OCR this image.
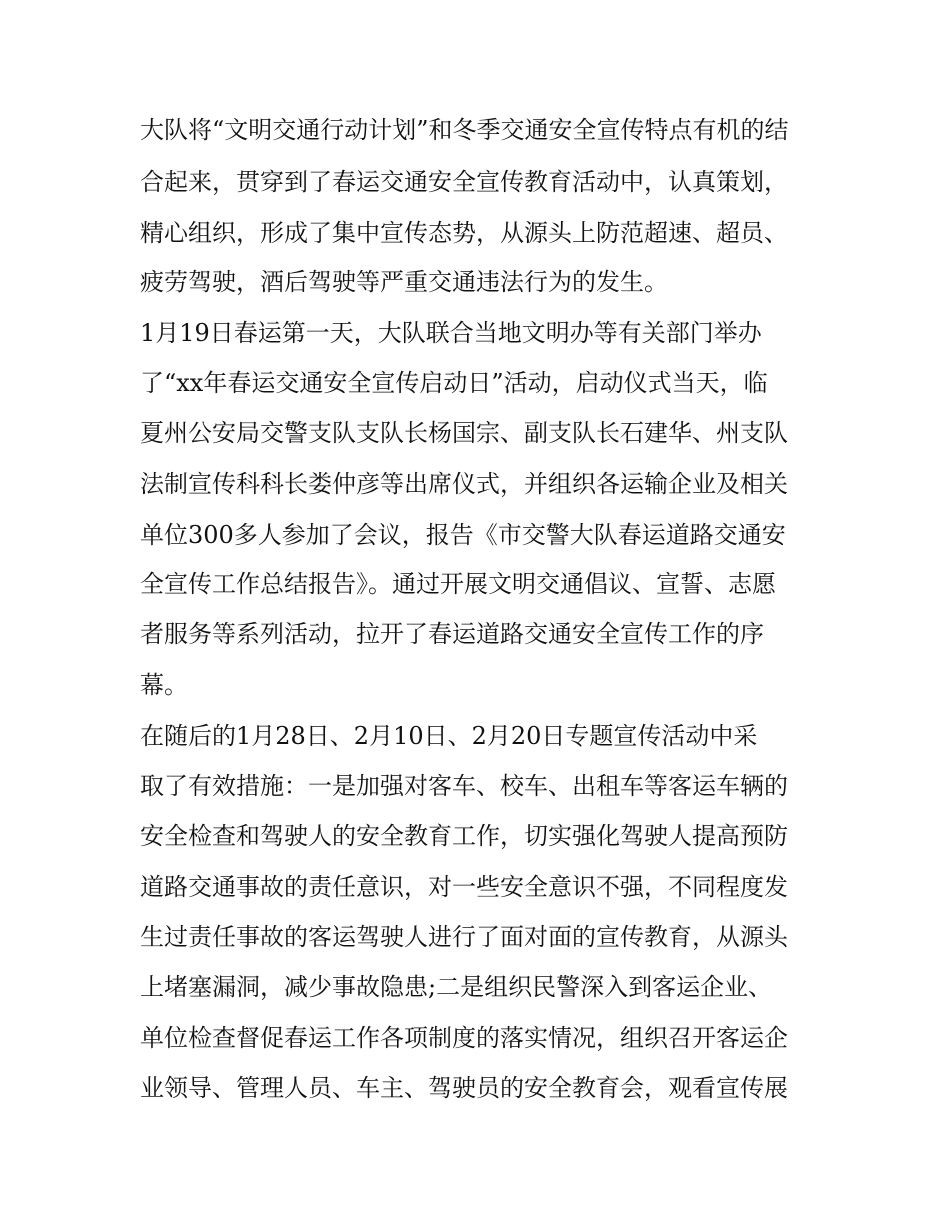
大队将“文明交通行动计划”和冬季交通安全宣传特点有机的结
合起来，贯穿到了春运交通安全宣传教育活动中，认真策划，
精心组织，形成了集中宣传态势，从源头上防范超速、超员、
疲劳驾驶，酒后驾驶等严重交通违法行为的发生。
1月19日春运第一天，大队联合当地文明办等有关部门举办
了“xx年春运交通安全宣传启动日”活动，启动仪式当天，临
夏州公安局交警支队支队长杨国宗、副支队长石建华、州支队
法制宣传科科长娄仲彦等出席仪式，并组织各运输企业及相关
单位300多人参加了会议，报告《市交警大队春运道路交通安
全宣传工作总结报告》。通过开展文明交通倡议、宣誓、志愿
者服务等系列活动，拉开了春运道路交通安全宣传工作的序
幕。
在随后的1月28日、2月10日、2月20日专题宣传活动中采
取了有效措施：一是加强对客车、校车、出租车等客运车辆的
安全检查和驾驶人的安全教育工作，切实强化驾驶人提高预防
道路交通事故的责任意识，对一些安全意识不强，不同程度发
生过责任事故的客运驾驶人进行了面对面的宣传教育，从源头
上堵塞漏洞，减少事故隐患;二是组织民警深入到客运企业、
单位检查督促春运工作各项制度的落实情况，组织召开客运企
业领导、管理人员、车主、驾驶员的安全教育会，观看宣传展
